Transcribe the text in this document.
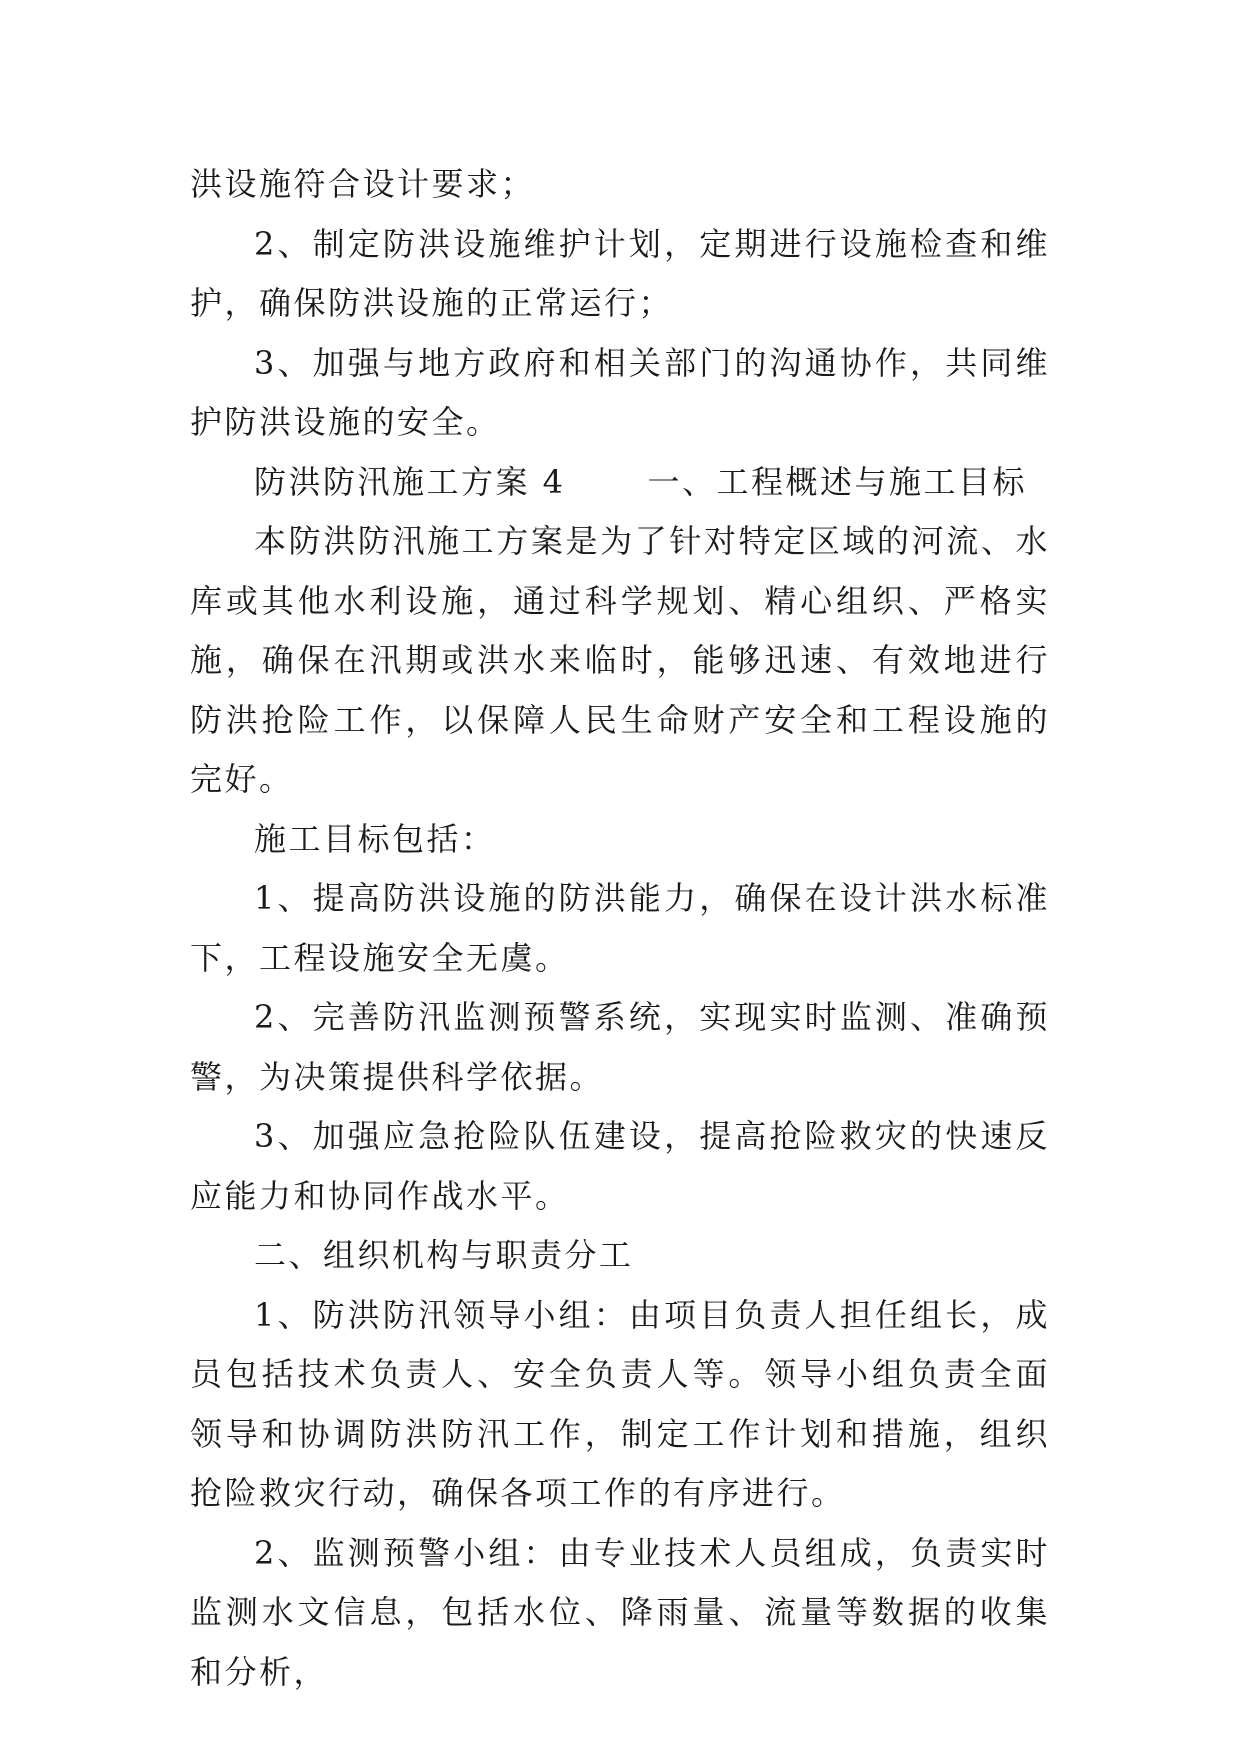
洪设施符合设计要求；

2、制定防洪设施维护计划，定期进行设施检查和维护，确保防洪设施的正常运行；

3、加强与地方政府和相关部门的沟通协作，共同维护防洪设施的安全。

防洪防汛施工方案 4	一、工程概述与施工目标

本防洪防汛施工方案是为了针对特定区域的河流、水库或其他水利设施，通过科学规划、精心组织、严格实施，确保在汛期或洪水来临时，能够迅速、有效地进行防洪抢险工作，以保障人民生命财产安全和工程设施的完好。

施工目标包括：

1、提高防洪设施的防洪能力，确保在设计洪水标准下，工程设施安全无虞。

2、完善防汛监测预警系统，实现实时监测、准确预警，为决策提供科学依据。

3、加强应急抢险队伍建设，提高抢险救灾的快速反应能力和协同作战水平。

二、组织机构与职责分工

1、防洪防汛领导小组：由项目负责人担任组长，成员包括技术负责人、安全负责人等。领导小组负责全面领导和协调防洪防汛工作，制定工作计划和措施，组织抢险救灾行动，确保各项工作的有序进行。

2、监测预警小组：由专业技术人员组成，负责实时监测水文信息，包括水位、降雨量、流量等数据的收集和分析，
